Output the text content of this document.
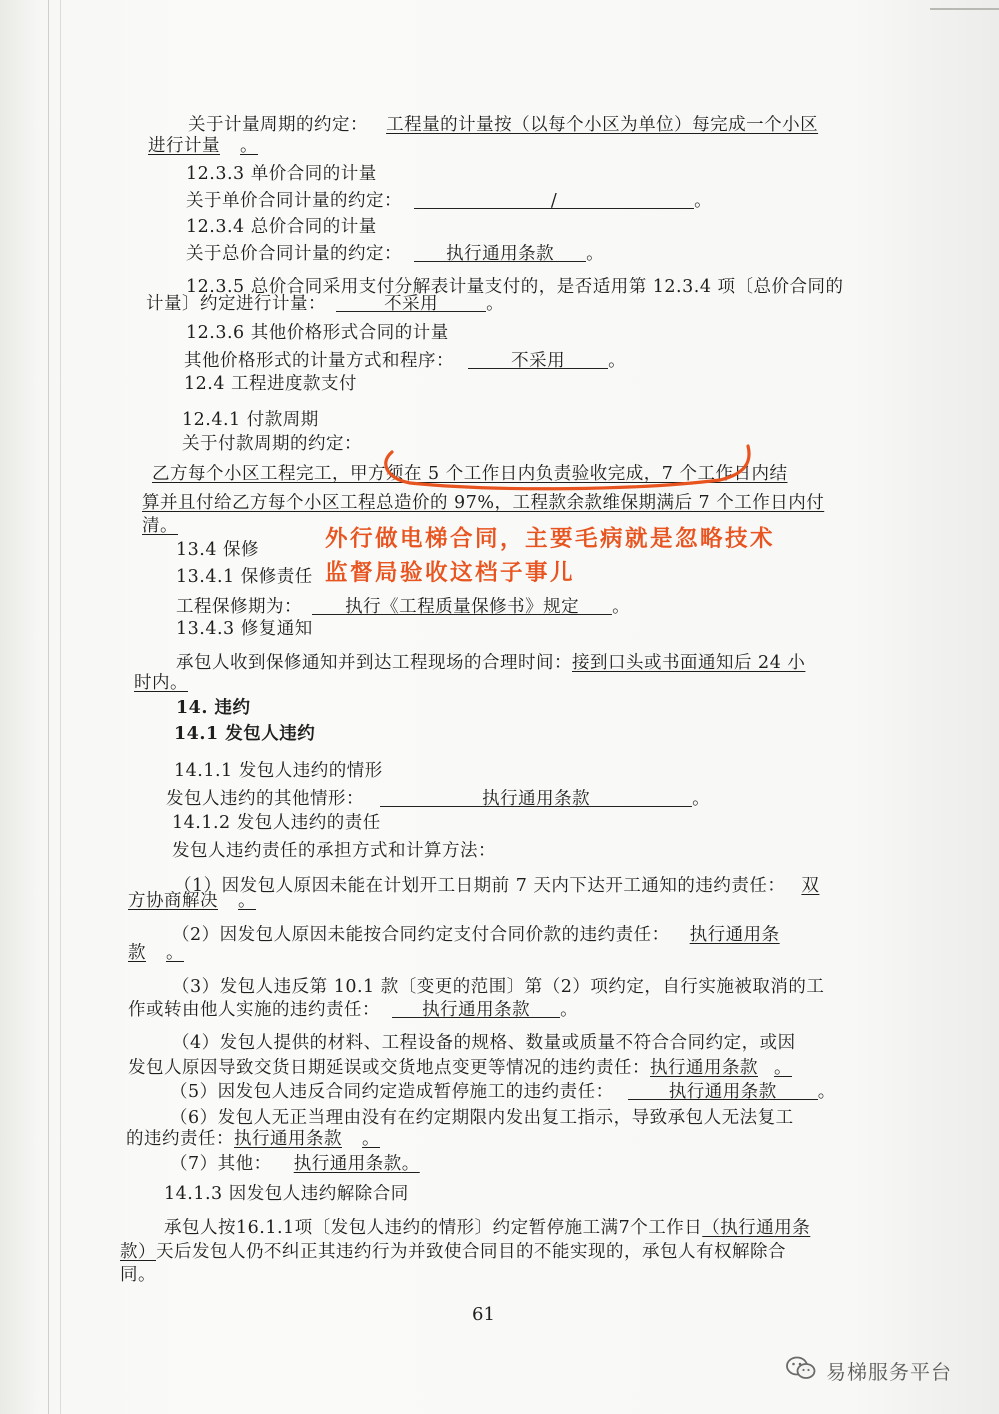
关于计量周期的约定： 工程量的计量按（以每个小区为单位）每完成一个小区
进行计量 。
12.3.3 单价合同的计量
关于单价合同计量的约定：	/	。
12.3.4 总价合同的计量
关于总价合同计量的约定：	执行通用条款 。
12.3.5 总价合同采用支付分解表计量支付的，是否适用第 12.3.4 项〔总价合同的
计量〕约定进行计量：	不采用	。
12.3.6 其他价格形式合同的计量
其他价格形式的计量方式和程序：	不采用 。
12.4 工程进度款支付
12.4.1 付款周期
关于付款周期的约定：
乙方每个小区工程完工，甲方须在 5 个工作日内负责验收完成，7 个工作日内结
算并且付给乙方每个小区工程总造价的 97%，工程款余款维保期满后 7 个工作日内付
清。	外行做电梯合同，主要毛病就是忽略技术
监督局验收这档子事儿
13.4 保修
13.4.1 保修责任
工程保修期为： 执行《工程质量保修书》规定 。
13.4.3 修复通知
承包人收到保修通知并到达工程现场的合理时间：接到口头或书面通知后 24 小
时内。
14. 违约
14.1 发包人违约
14.1.1 发包人违约的情形
发包人违约的其他情形：	执行通用条款	。
14.1.2 发包人违约的责任
发包人违约责任的承担方式和计算方法：
（1）因发包人原因未能在计划开工日期前 7 天内下达开工通知的违约责任： 双
方协商解决 。
（2）因发包人原因未能按合同约定支付合同价款的违约责任： 执行通用条
款 。
（3）发包人违反第 10.1 款〔变更的范围〕第（2）项约定，自行实施被取消的工
作或转由他人实施的违约责任： 执行通用条款 。
（4）发包人提供的材料、工程设备的规格、数量或质量不符合合同约定，或因
发包人原因导致交货日期延误或交货地点变更等情况的违约责任：执行通用条款 。
（5）因发包人违反合同约定造成暂停施工的违约责任：	执行通用条款 。
（6）发包人无正当理由没有在约定期限内发出复工指示，导致承包人无法复工
的违约责任：执行通用条款 。
（7）其他： 执行通用条款。
14.1.3 因发包人违约解除合同
承包人按16.1.1项〔发包人违约的情形〕约定暂停施工满7个工作日（执行通用条
款）天后发包人仍不纠正其违约行为并致使合同目的不能实现的，承包人有权解除合
同。
61
易梯服务平台
